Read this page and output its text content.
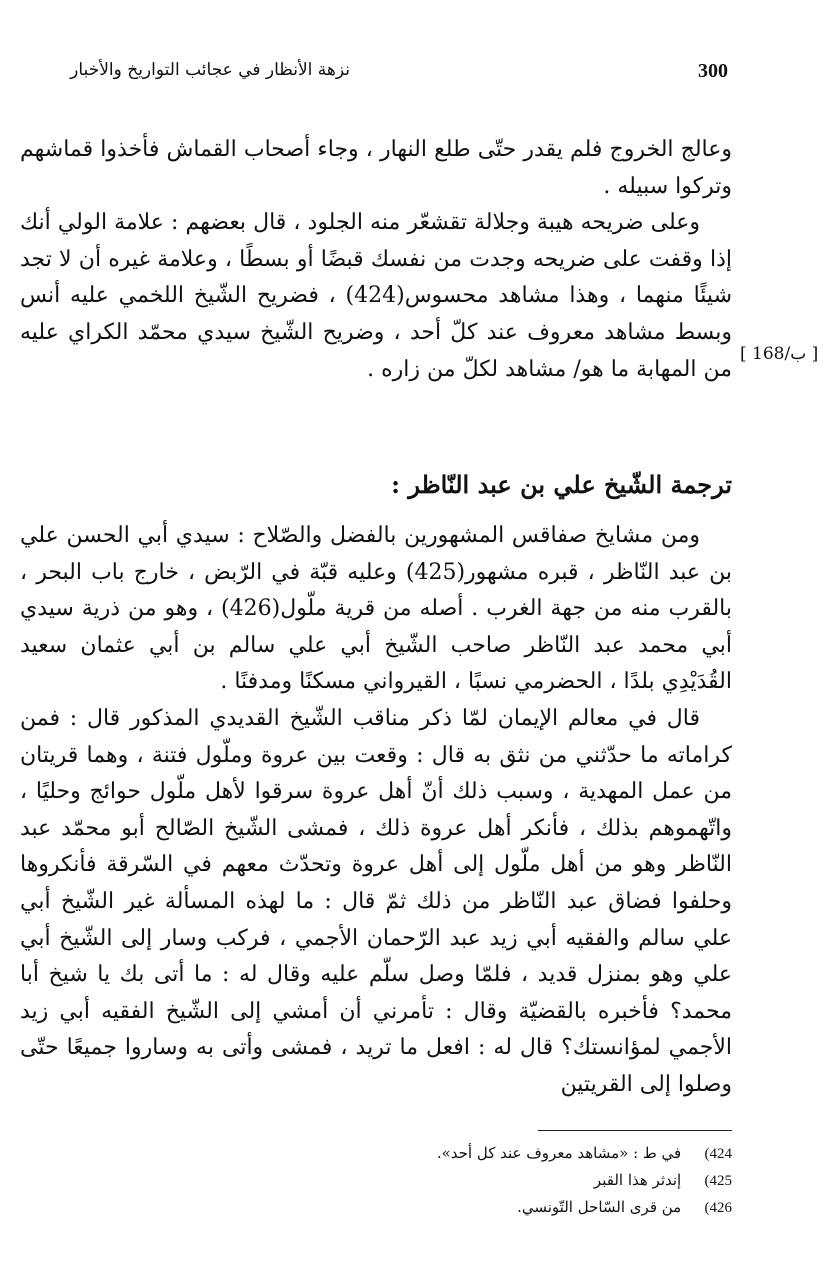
نزهة الأنظار في عجائب التواريخ والأخبار	300

وعالج الخروج فلم يقدر حتّى طلع النهار ، وجاء أصحاب القماش فأخذوا قماشهم وتركوا سبيله .

وعلى ضريحه هيبة وجلالة تقشعّر منه الجلود ، قال بعضهم : علامة الولي أنك إذا وقفت على ضريحه وجدت من نفسك قبضًا أو بسطًا ، وعلامة غيره أن لا تجد شيئًا منهما ، وهذا مشاهد محسوس(424) ، فضريح الشّيخ اللخمي عليه أنس وبسط مشاهد معروف عند كلّ أحد ، وضريح الشّيخ سيدي محمّد الكراي عليه من المهابة ما هو/ مشاهد لكلّ من زاره .

[ 168/ب ]
ترجمة الشّيخ علي بن عبد النّاظر :

ومن مشايخ صفاقس المشهورين بالفضل والصّلاح : سيدي أبي الحسن علي بن عبد النّاظر ، قبره مشهور(425) وعليه قبّة في الرّبض ، خارج باب البحر ، بالقرب منه من جهة الغرب . أصله من قرية ملّول(426) ، وهو من ذرية سيدي أبي محمد عبد النّاظر صاحب الشّيخ أبي علي سالم بن أبي عثمان سعيد القُدَيْدِي بلدًا ، الحضرمي نسبًا ، القيرواني مسكنًا ومدفنًا .

قال في معالم الإيمان لمّا ذكر مناقب الشّيخ القديدي المذكور قال : فمن كراماته ما حدّثني من نثق به قال : وقعت بين عروة وملّول فتنة ، وهما قريتان من عمل المهدية ، وسبب ذلك أنّ أهل عروة سرقوا لأهل ملّول حوائج وحليًا ، واتّهموهم بذلك ، فأنكر أهل عروة ذلك ، فمشى الشّيخ الصّالح أبو محمّد عبد النّاظر وهو من أهل ملّول إلى أهل عروة وتحدّث معهم في السّرقة فأنكروها وحلفوا فضاق عبد النّاظر من ذلك ثمّ قال : ما لهذه المسألة غير الشّيخ أبي علي سالم والفقيه أبي زيد عبد الرّحمان الأجمي ، فركب وسار إلى الشّيخ أبي علي وهو بمنزل قديد ، فلمّا وصل سلّم عليه وقال له : ما أتى بك يا شيخ أبا محمد؟ فأخبره بالقضيّة وقال : تأمرني أن أمشي إلى الشّيخ الفقيه أبي زيد الأجمي لمؤانستك؟ قال له : افعل ما تريد ، فمشى وأتى به وساروا جميعًا حتّى وصلوا إلى القريتين

424) في ط : «مشاهد معروف عند كل أحد».
425) إندثر هذا القبر
426) من قرى السّاحل التّونسي.
